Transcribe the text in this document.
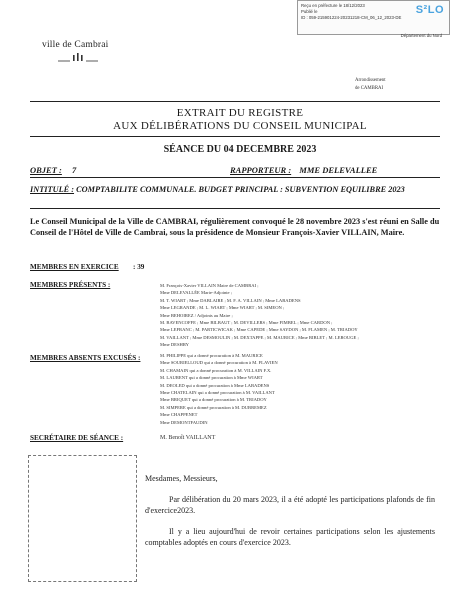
Reçu en préfecture le 18/12/2023
Publié le
ID : 059-215901224-20231218-CM_06_12_2023-DE
S²LO
Département du Nord
ville de Cambrai
Arrondissement
de CAMBRAI
EXTRAIT DU REGISTRE
AUX DÉLIBÉRATIONS DU CONSEIL MUNICIPAL
SÉANCE DU 04 DECEMBRE 2023
OBJET : 7	RAPPORTEUR : MME DELEVALLEE
INTITULÉ : COMPTABILITE COMMUNALE. BUDGET PRINCIPAL : SUBVENTION EQUILIBRE 2023
Le Conseil Municipal de la Ville de CAMBRAI, régulièrement convoqué le 28 novembre 2023 s'est réuni en Salle du Conseil de l'Hôtel de Ville de Cambrai, sous la présidence de Monsieur François-Xavier VILLAIN, Maire.
MEMBRES EN EXERCICE : 39
MEMBRES PRÉSENTS :	M. François-Xavier VILLAIN Maire de CAMBRAI ;
Mme DELEVALLÉE Marie-Adjointe ;
M. T. WIART ; Mme DABLAIRE ; M. F. A. VILLAIN ; Mme LABADENS
Mme LEGRANDE ; M. L. WIART ; Mme WIART ; M. SIMEON ;
Mme BEHOIREZ / Adjoints au Maire ;
M. BAVENCOFFE ; Mme BILBAUT ; M. DEVILLERS ; Mme FIMBEL ; Mme CARDON ;
Mme LEFRANC ; M. PARTICWICAK ; Mme CAPEDE ; Mme SAYDON ; M. FLAMEN ; M. TRIADOY
M. VAILLANT ; Mme DESMOULIN ; M. DEXTAPPE ; M. MAURICE ; Mme BIBLET ; M. LEROUGE ;
Mme DESHRY
MEMBRES ABSENTS EXCUSÉS :	M. PHILIPPE qui a donné procuration à M. MAURICE
Mme SOURIELLOUD qui a donné procuration à M. FLAVIEN
M. CHAMAIN qui a donné procuration à M. VILLAIN F.X.
M. LAURENT qui a donné procuration à Mme WIART
M. DEOLED qui a donné procuration à Mme LABADENS
Mme CHATELAIN qui a donné procuration à M. VAILLANT
Mme BRIQUET qui a donné procuration à M. TRIADOY
M. SIMPERE qui a donné procuration à M. DUBREMEZ
Mme CHAPPENET
Mme DEMONTFAUDIN
SECRÉTAIRE DE SÉANCE :	M. Benoît VAILLANT
Mesdames, Messieurs,
Par délibération du 20 mars 2023, il a été adopté les participations plafonds de fin d'exercice2023.
Il y a lieu aujourd'hui de revoir certaines participations selon les ajustements comptables adoptés en cours d'exercice 2023.
